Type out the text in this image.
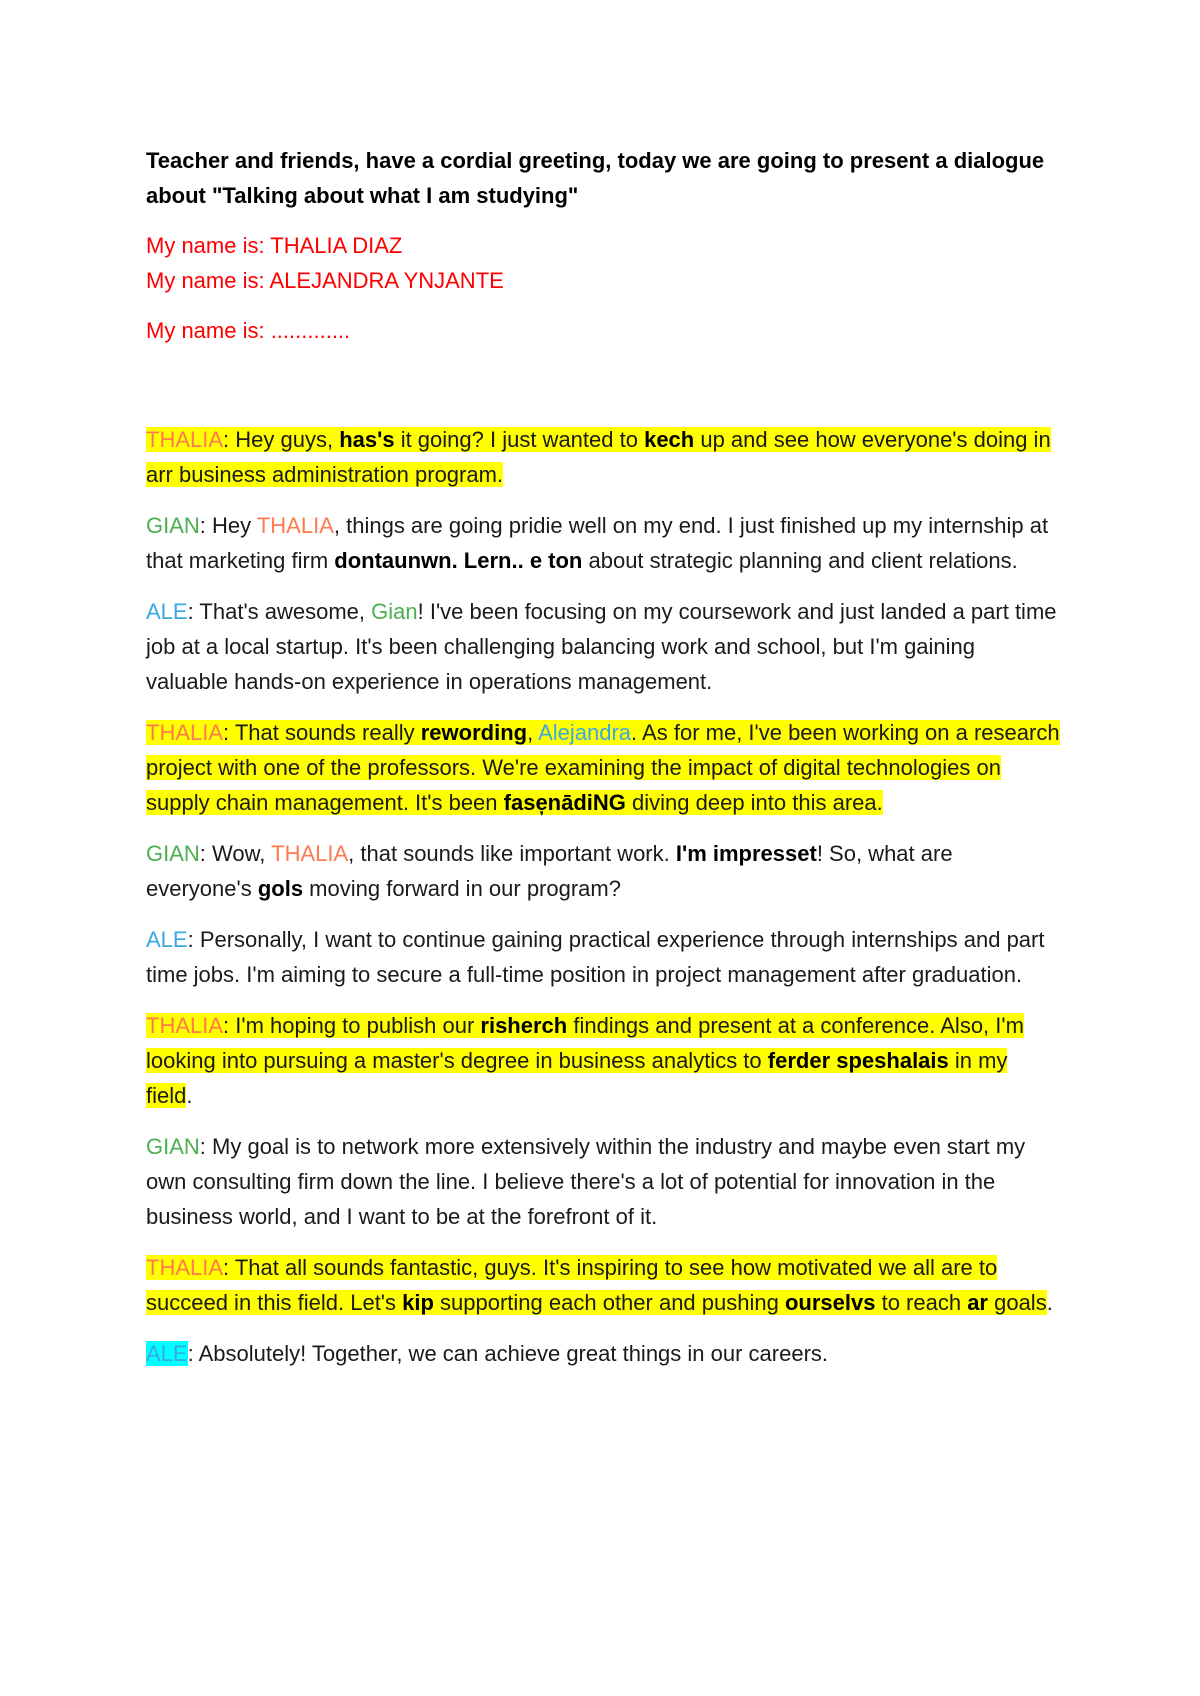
Teacher and friends, have a cordial greeting, today we are going to present a dialogue about "Talking about what I am studying"

My name is: THALIA DIAZ

My name is: ALEJANDRA YNJANTE

My name is: .............

THALIA: Hey guys, has's it going? I just wanted to kech up and see how everyone's doing in arr business administration program.

GIAN: Hey THALIA, things are going pridie well on my end. I just finished up my internship at that marketing firm dontaunwn. Lern.. e ton about strategic planning and client relations.

ALE: That's awesome, Gian! I've been focusing on my coursework and just landed a part time job at a local startup. It's been challenging balancing work and school, but I'm gaining valuable hands-on experience in operations management.

THALIA: That sounds really rewording, Alejandra. As for me, I've been working on a research project with one of the professors. We're examining the impact of digital technologies on supply chain management. It's been fase̦nādiNG diving deep into this area.

GIAN: Wow, THALIA, that sounds like important work. I'm impresset! So, what are everyone's gols moving forward in our program?

ALE: Personally, I want to continue gaining practical experience through internships and part time jobs. I'm aiming to secure a full-time position in project management after graduation.

THALIA: I'm hoping to publish our risherch findings and present at a conference. Also, I'm looking into pursuing a master's degree in business analytics to ferder speshalais in my field.

GIAN: My goal is to network more extensively within the industry and maybe even start my own consulting firm down the line. I believe there's a lot of potential for innovation in the business world, and I want to be at the forefront of it.

THALIA: That all sounds fantastic, guys. It's inspiring to see how motivated we all are to succeed in this field. Let's kip supporting each other and pushing ourselvs to reach ar goals.

ALE: Absolutely! Together, we can achieve great things in our careers.
